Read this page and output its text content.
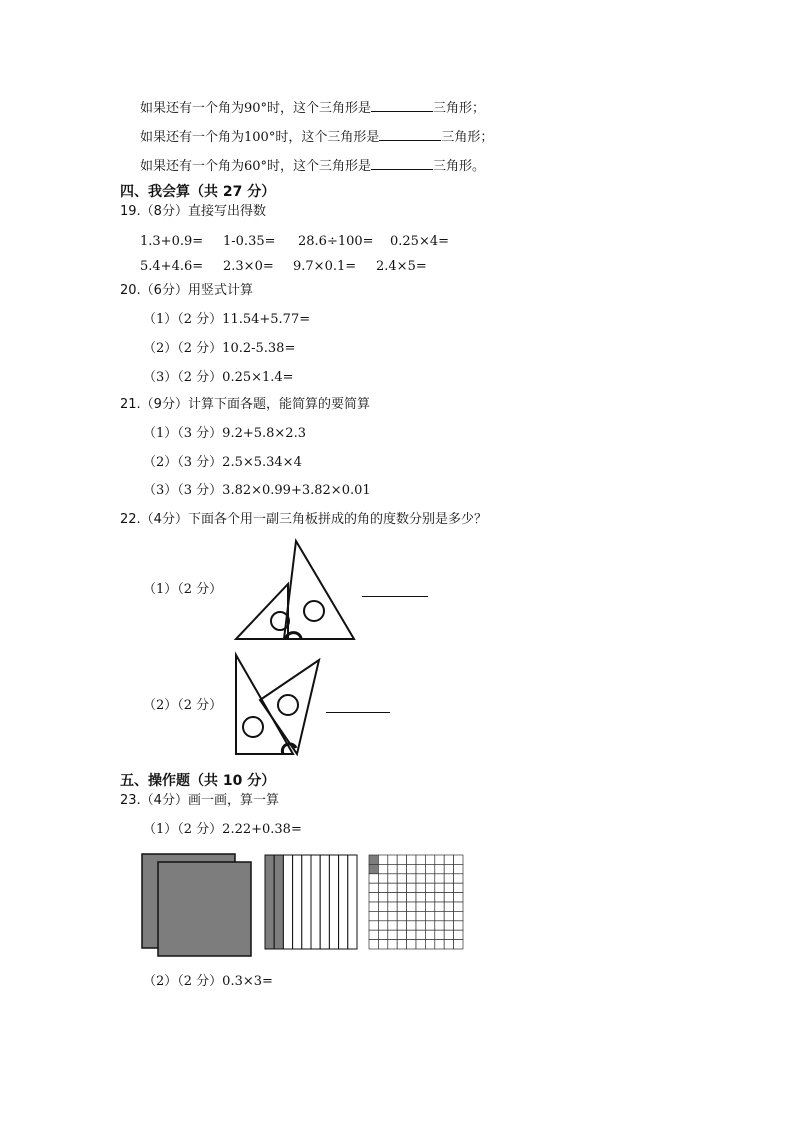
如果还有一个角为90°时，这个三角形是	三角形；
如果还有一个角为100°时，这个三角形是	三角形；
如果还有一个角为60°时，这个三角形是	三角形。
四、我会算（共 27 分）
19.（8分）直接写出得数
1.3+0.9= 1-0.35= 28.6÷100= 0.25×4=
5.4+4.6= 2.3×0= 9.7×0.1= 2.4×5=
20.（6分）用竖式计算
（1）（2 分）11.54+5.77=
（2）（2 分）10.2-5.38=
（3）（2 分）0.25×1.4=
21.（9分）计算下面各题，能简算的要简算
（1）（3 分）9.2+5.8×2.3
（2）（3 分）2.5×5.34×4
（3）（3 分）3.82×0.99+3.82×0.01
22.（4分）下面各个用一副三角板拼成的角的度数分别是多少？
（1）（2 分）
（2）（2 分）
五、操作题（共 10 分）
23.（4分）画一画，算一算
（1）（2 分）2.22+0.38=
（2）（2 分）0.3×3=
